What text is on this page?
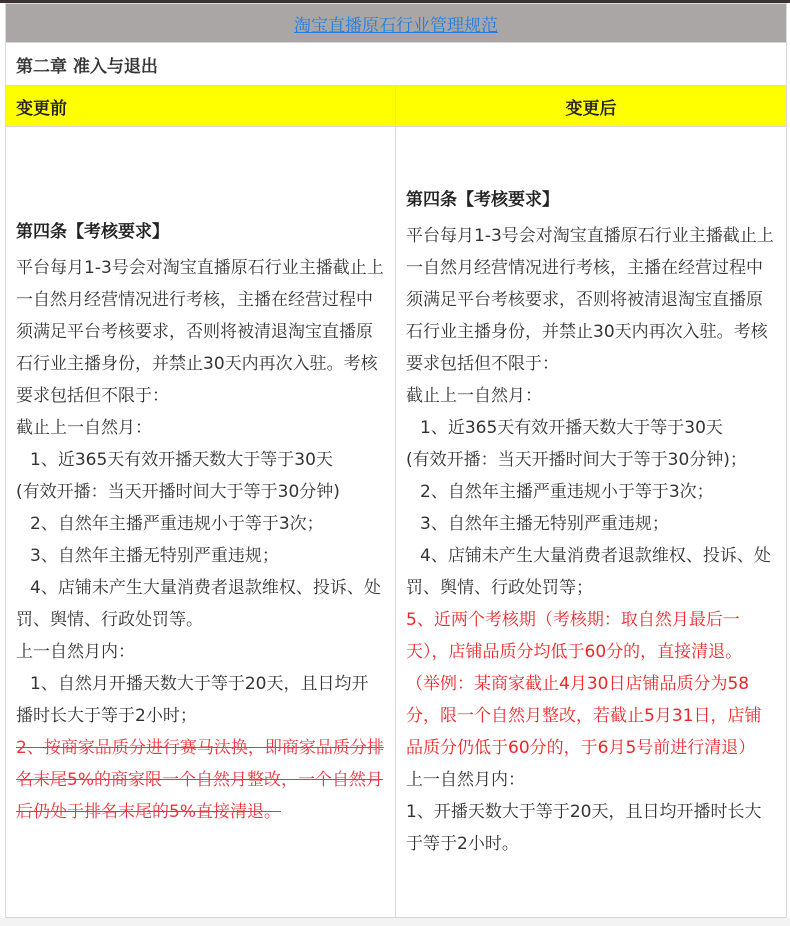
淘宝直播原石行业管理规范	
第二章 准入与退出	
变更前	变更后

第四条【考核要求】
平台每月1-3号会对淘宝直播原石行业主播截止上一自然月经营情况进行考核，主播在经营过程中须满足平台考核要求，否则将被清退淘宝直播原石行业主播身份，并禁止30天内再次入驻。考核要求包括但不限于：
截止上一自然月：
1、近365天有效开播天数大于等于30天
(有效开播：当天开播时间大于等于30分钟)
2、自然年主播严重违规小于等于3次；
3、自然年主播无特别严重违规；
4、店铺未产生大量消费者退款维权、投诉、处罚、舆情、行政处罚等。
上一自然月内：
1、自然月开播天数大于等于20天，且日均开播时长大于等于2小时；
2、按商家品质分进行赛马汰换，即商家品质分排名末尾5%的商家限一个自然月整改，一个自然月后仍处于排名末尾的5%直接清退。

第四条【考核要求】
平台每月1-3号会对淘宝直播原石行业主播截止上一自然月经营情况进行考核，主播在经营过程中须满足平台考核要求，否则将被清退淘宝直播原石行业主播身份，并禁止30天内再次入驻。考核要求包括但不限于：
截止上一自然月：
1、近365天有效开播天数大于等于30天
(有效开播：当天开播时间大于等于30分钟)；
2、自然年主播严重违规小于等于3次；
3、自然年主播无特别严重违规；
4、店铺未产生大量消费者退款维权、投诉、处罚、舆情、行政处罚等；
5、近两个考核期（考核期：取自然月最后一天），店铺品质分均低于60分的，直接清退。
（举例：某商家截止4月30日店铺品质分为58分，限一个自然月整改，若截止5月31日，店铺品质分仍低于60分的，于6月5号前进行清退）
上一自然月内：
1、开播天数大于等于20天，且日均开播时长大于等于2小时。
